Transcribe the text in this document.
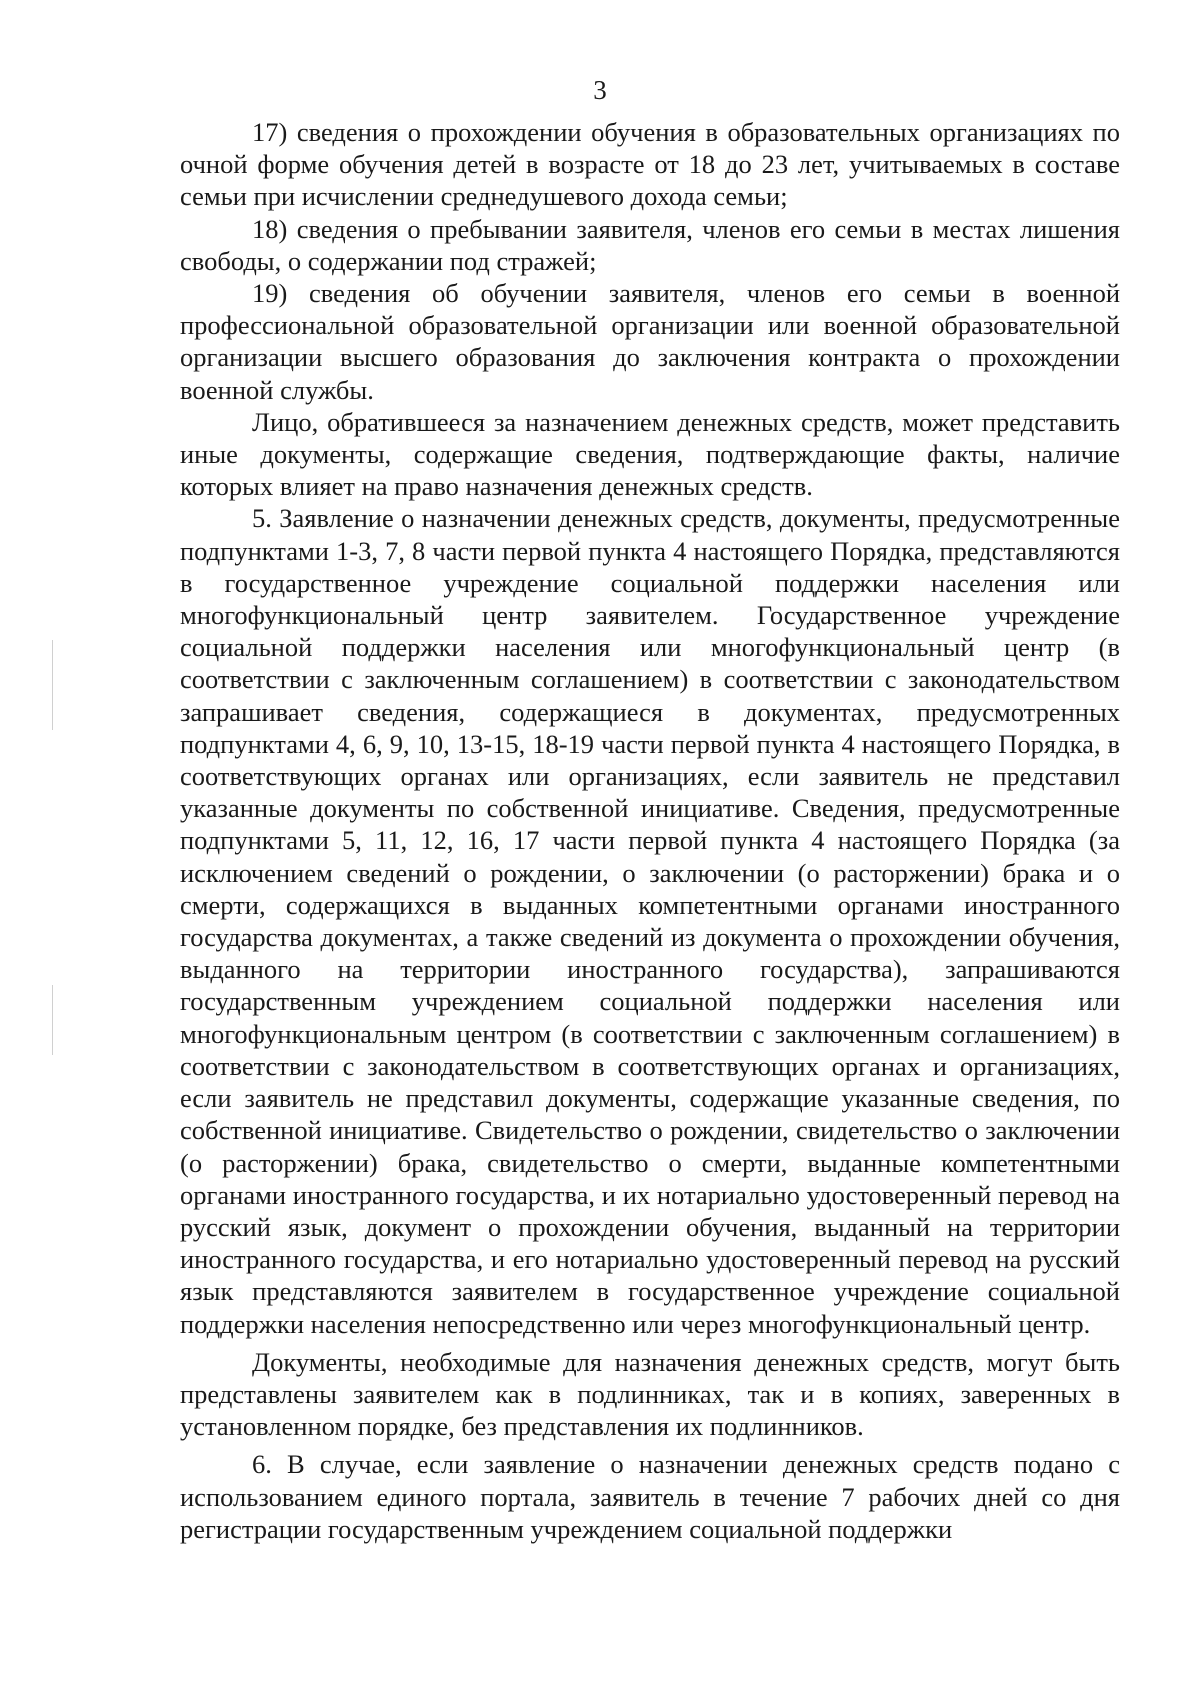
3

17) сведения о прохождении обучения в образовательных организациях по очной форме обучения детей в возрасте от 18 до 23 лет, учитываемых в составе семьи при исчислении среднедушевого дохода семьи;

18) сведения о пребывании заявителя, членов его семьи в местах лишения свободы, о содержании под стражей;

19) сведения об обучении заявителя, членов его семьи в военной профессиональной образовательной организации или военной образовательной организации высшего образования до заключения контракта о прохождении военной службы.

Лицо, обратившееся за назначением денежных средств, может представить иные документы, содержащие сведения, подтверждающие факты, наличие которых влияет на право назначения денежных средств.

5. Заявление о назначении денежных средств, документы, предусмотренные подпунктами 1-3, 7, 8 части первой пункта 4 настоящего Порядка, представляются в государственное учреждение социальной поддержки населения или многофункциональный центр заявителем. Государственное учреждение социальной поддержки населения или многофункциональный центр (в соответствии с заключенным соглашением) в соответствии с законодательством запрашивает сведения, содержащиеся в документах, предусмотренных подпунктами 4, 6, 9, 10, 13-15, 18-19 части первой пункта 4 настоящего Порядка, в соответствующих органах или организациях, если заявитель не представил указанные документы по собственной инициативе. Сведения, предусмотренные подпунктами 5, 11, 12, 16, 17 части первой пункта 4 настоящего Порядка (за исключением сведений о рождении, о заключении (о расторжении) брака и о смерти, содержащихся в выданных компетентными органами иностранного государства документах, а также сведений из документа о прохождении обучения, выданного на территории иностранного государства), запрашиваются государственным учреждением социальной поддержки населения или многофункциональным центром (в соответствии с заключенным соглашением) в соответствии с законодательством в соответствующих органах и организациях, если заявитель не представил документы, содержащие указанные сведения, по собственной инициативе. Свидетельство о рождении, свидетельство о заключении (о расторжении) брака, свидетельство о смерти, выданные компетентными органами иностранного государства, и их нотариально удостоверенный перевод на русский язык, документ о прохождении обучения, выданный на территории иностранного государства, и его нотариально удостоверенный перевод на русский язык представляются заявителем в государственное учреждение социальной поддержки населения непосредственно или через многофункциональный центр.

Документы, необходимые для назначения денежных средств, могут быть представлены заявителем как в подлинниках, так и в копиях, заверенных в установленном порядке, без представления их подлинников.

6. В случае, если заявление о назначении денежных средств подано с использованием единого портала, заявитель в течение 7 рабочих дней со дня регистрации государственным учреждением социальной поддержки
